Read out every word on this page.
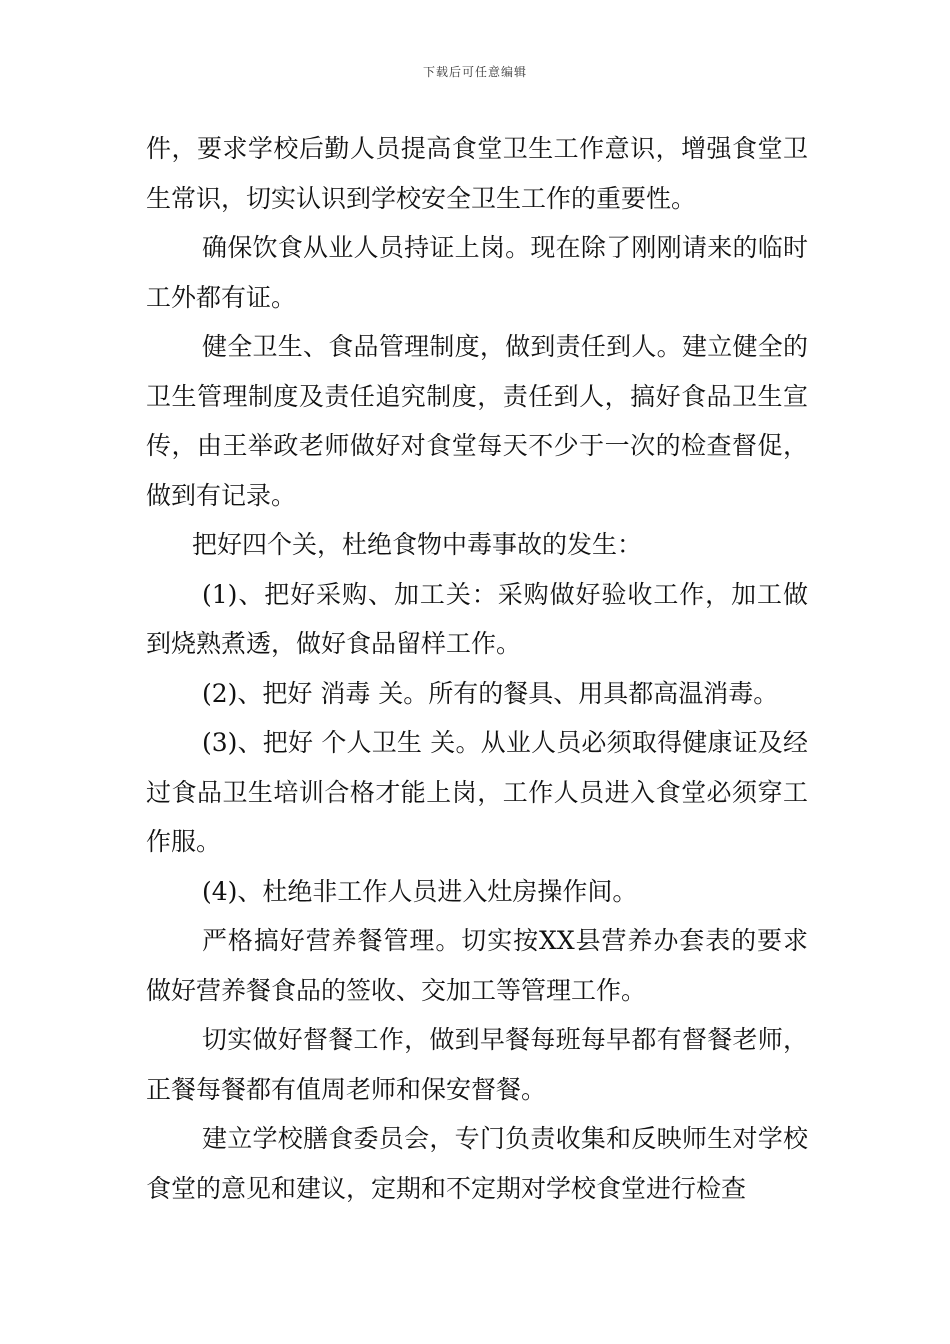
下载后可任意编辑

件，要求学校后勤人员提高食堂卫生工作意识，增强食堂卫生常识，切实认识到学校安全卫生工作的重要性。

确保饮食从业人员持证上岗。现在除了刚刚请来的临时工外都有证。

健全卫生、食品管理制度，做到责任到人。建立健全的卫生管理制度及责任追究制度，责任到人，搞好食品卫生宣传，由王举政老师做好对食堂每天不少于一次的检查督促，做到有记录。

把好四个关，杜绝食物中毒事故的发生：

(1)、把好采购、加工关：采购做好验收工作，加工做到烧熟煮透，做好食品留样工作。

(2)、把好 消毒 关。所有的餐具、用具都高温消毒。

(3)、把好 个人卫生 关。从业人员必须取得健康证及经过食品卫生培训合格才能上岗，工作人员进入食堂必须穿工作服。

(4)、杜绝非工作人员进入灶房操作间。

严格搞好营养餐管理。切实按XX县营养办套表的要求做好营养餐食品的签收、交加工等管理工作。

切实做好督餐工作，做到早餐每班每早都有督餐老师，正餐每餐都有值周老师和保安督餐。

建立学校膳食委员会，专门负责收集和反映师生对学校食堂的意见和建议，定期和不定期对学校食堂进行检查
